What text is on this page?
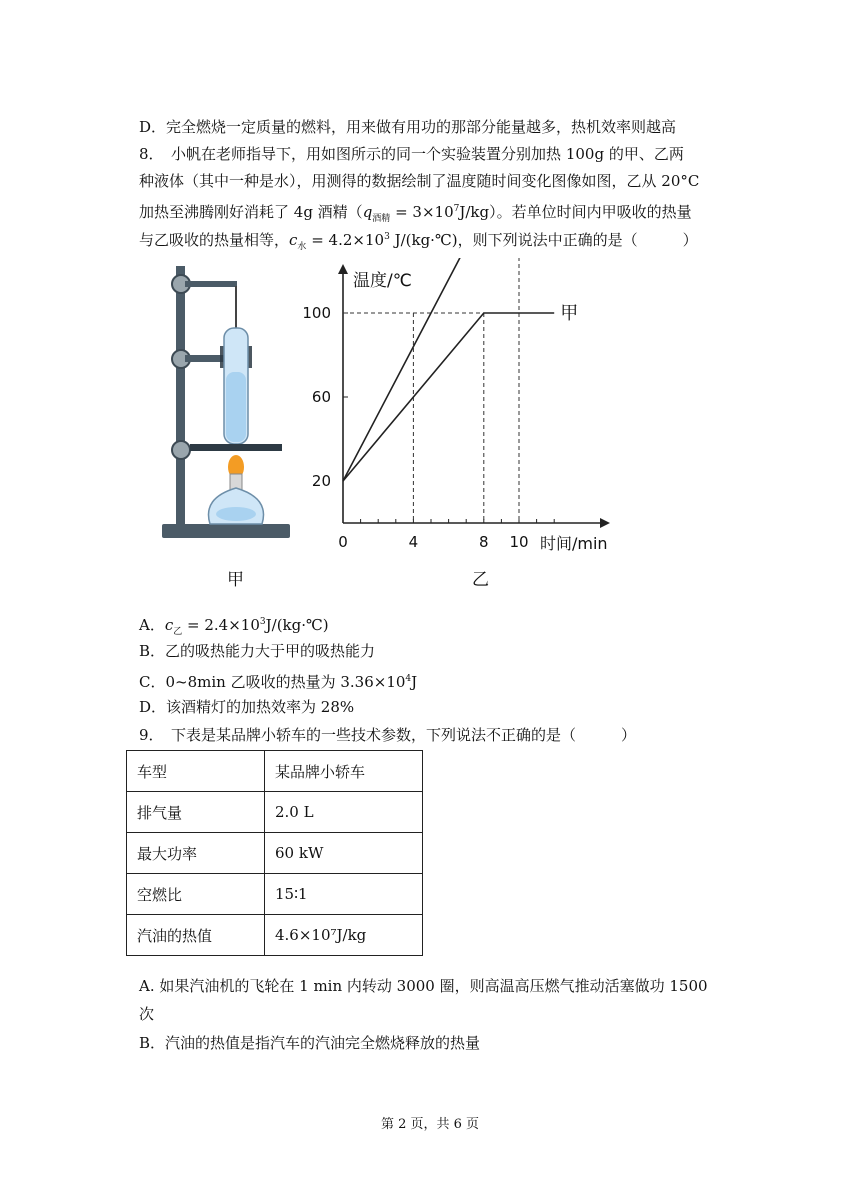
D．完全燃烧一定质量的燃料，用来做有用功的那部分能量越多，热机效率则越高
8．　小帆在老师指导下，用如图所示的同一个实验装置分别加热 100g 的甲、乙两
种液体（其中一种是水），用测得的数据绘制了温度随时间变化图像如图，乙从 20°C
加热至沸腾刚好消耗了 4g 酒精$(q_{酒精} = 3\times 10^7J/kg)$。若单位时间内甲吸收的热量
与乙吸收的热量相等，$c_水 = 4.2\times 10^3$ J/(kg·℃)，则下列说法中正确的是（　　　）
甲
温度/℃
时间/min
0	4	8 10
20
60
100	甲
乙
A．$c_乙$ = $2.4\times 10^3J/(kg\cdot℃)$
B．乙的吸热能力大于甲的吸热能力
C．0~8min 乙吸收的热量为 $3.36\times 10^4J$
D．该酒精灯的加热效率为 28%
9．　下表是某品牌小轿车的一些技术参数，下列说法不正确的是（　　　）
车型	某品牌小轿车
排气量	2.0 L
最大功率	60 kW
空燃比	15∶1
汽油的热值	4.6×10⁷J/kg
A. 如果汽油机的飞轮在 1 min 内转动 3000 圈，则高温高压燃气推动活塞做功 1500
次
B．汽油的热值是指汽车的汽油完全燃烧释放的热量
第 2 页，共 6 页
